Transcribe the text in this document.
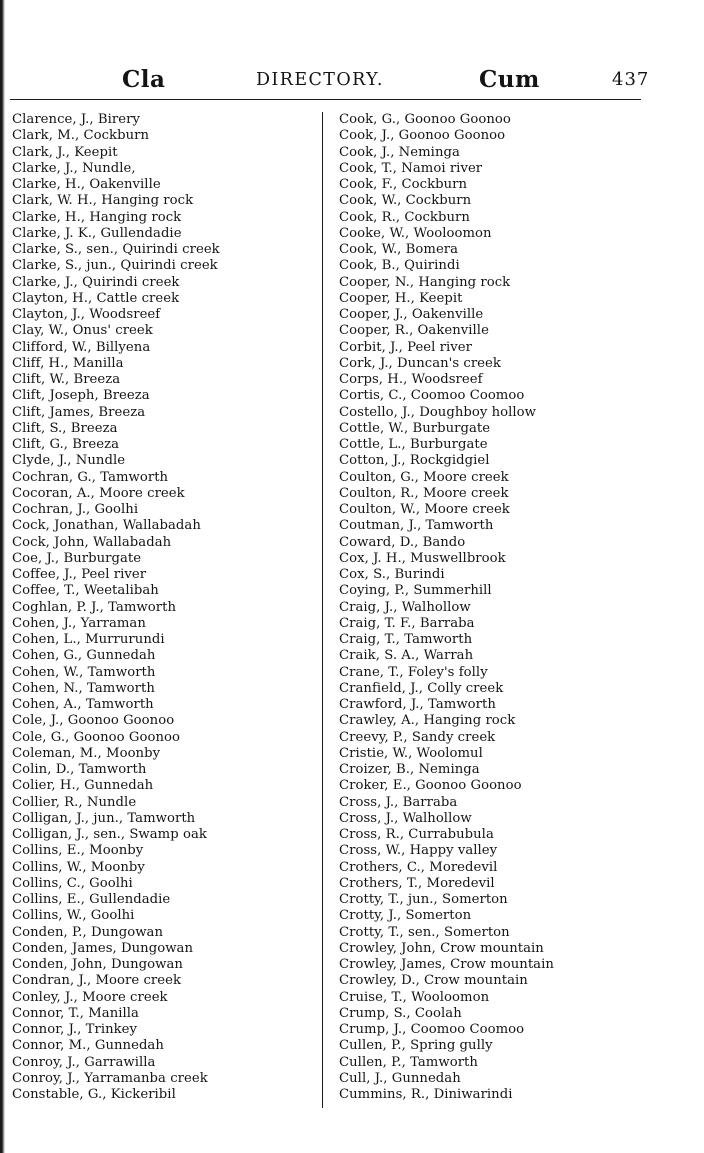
Cla	DIRECTORY.	Cum	437
Clarence, J., Birery
Clark, M., Cockburn
Clark, J., Keepit
Clarke, J., Nundle,
Clarke, H., Oakenville
Clark, W. H., Hanging rock
Clarke, H., Hanging rock
Clarke, J. K., Gullendadie
Clarke, S., sen., Quirindi creek
Clarke, S., jun., Quirindi creek
Clarke, J., Quirindi creek
Clayton, H., Cattle creek
Clayton, J., Woodsreef
Clay, W., Onus' creek
Clifford, W., Billyena
Cliff, H., Manilla
Clift, W., Breeza
Clift, Joseph, Breeza
Clift, James, Breeza
Clift, S., Breeza
Clift, G., Breeza
Clyde, J., Nundle
Cochran, G., Tamworth
Cocoran, A., Moore creek
Cochran, J., Goolhi
Cock, Jonathan, Wallabadah
Cock, John, Wallabadah
Coe, J., Burburgate
Coffee, J., Peel river
Coffee, T., Weetalibah
Coghlan, P. J., Tamworth
Cohen, J., Yarraman
Cohen, L., Murrurundi
Cohen, G., Gunnedah
Cohen, W., Tamworth
Cohen, N., Tamworth
Cohen, A., Tamworth
Cole, J., Goonoo Goonoo
Cole, G., Goonoo Goonoo
Coleman, M., Moonby
Colin, D., Tamworth
Colier, H., Gunnedah
Collier, R., Nundle
Colligan, J., jun., Tamworth
Colligan, J., sen., Swamp oak
Collins, E., Moonby
Collins, W., Moonby
Collins, C., Goolhi
Collins, E., Gullendadie
Collins, W., Goolhi
Conden, P., Dungowan
Conden, James, Dungowan
Conden, John, Dungowan
Condran, J., Moore creek
Conley, J., Moore creek
Connor, T., Manilla
Connor, J., Trinkey
Connor, M., Gunnedah
Conroy, J., Garrawilla
Conroy, J., Yarramanba creek
Constable, G., Kickeribil
Cook, G., Goonoo Goonoo
Cook, J., Goonoo Goonoo
Cook, J., Neminga
Cook, T., Namoi river
Cook, F., Cockburn
Cook, W., Cockburn
Cook, R., Cockburn
Cooke, W., Wooloomon
Cook, W., Bomera
Cook, B., Quirindi
Cooper, N., Hanging rock
Cooper, H., Keepit
Cooper, J., Oakenville
Cooper, R., Oakenville
Corbit, J., Peel river
Cork, J., Duncan's creek
Corps, H., Woodsreef
Cortis, C., Coomoo Coomoo
Costello, J., Doughboy hollow
Cottle, W., Burburgate
Cottle, L., Burburgate
Cotton, J., Rockgidgiel
Coulton, G., Moore creek
Coulton, R., Moore creek
Coulton, W., Moore creek
Coutman, J., Tamworth
Coward, D., Bando
Cox, J. H., Muswellbrook
Cox, S., Burindi
Coying, P., Summerhill
Craig, J., Walhollow
Craig, T. F., Barraba
Craig, T., Tamworth
Craik, S. A., Warrah
Crane, T., Foley's folly
Cranfield, J., Colly creek
Crawford, J., Tamworth
Crawley, A., Hanging rock
Creevy, P., Sandy creek
Cristie, W., Woolomul
Croizer, B., Neminga
Croker, E., Goonoo Goonoo
Cross, J., Barraba
Cross, J., Walhollow
Cross, R., Currabubula
Cross, W., Happy valley
Crothers, C., Moredevil
Crothers, T., Moredevil
Crotty, T., jun., Somerton
Crotty, J., Somerton
Crotty, T., sen., Somerton
Crowley, John, Crow mountain
Crowley, James, Crow mountain
Crowley, D., Crow mountain
Cruise, T., Wooloomon
Crump, S., Coolah
Crump, J., Coomoo Coomoo
Cullen, P., Spring gully
Cullen, P., Tamworth
Cull, J., Gunnedah
Cummins, R., Diniwarindi
